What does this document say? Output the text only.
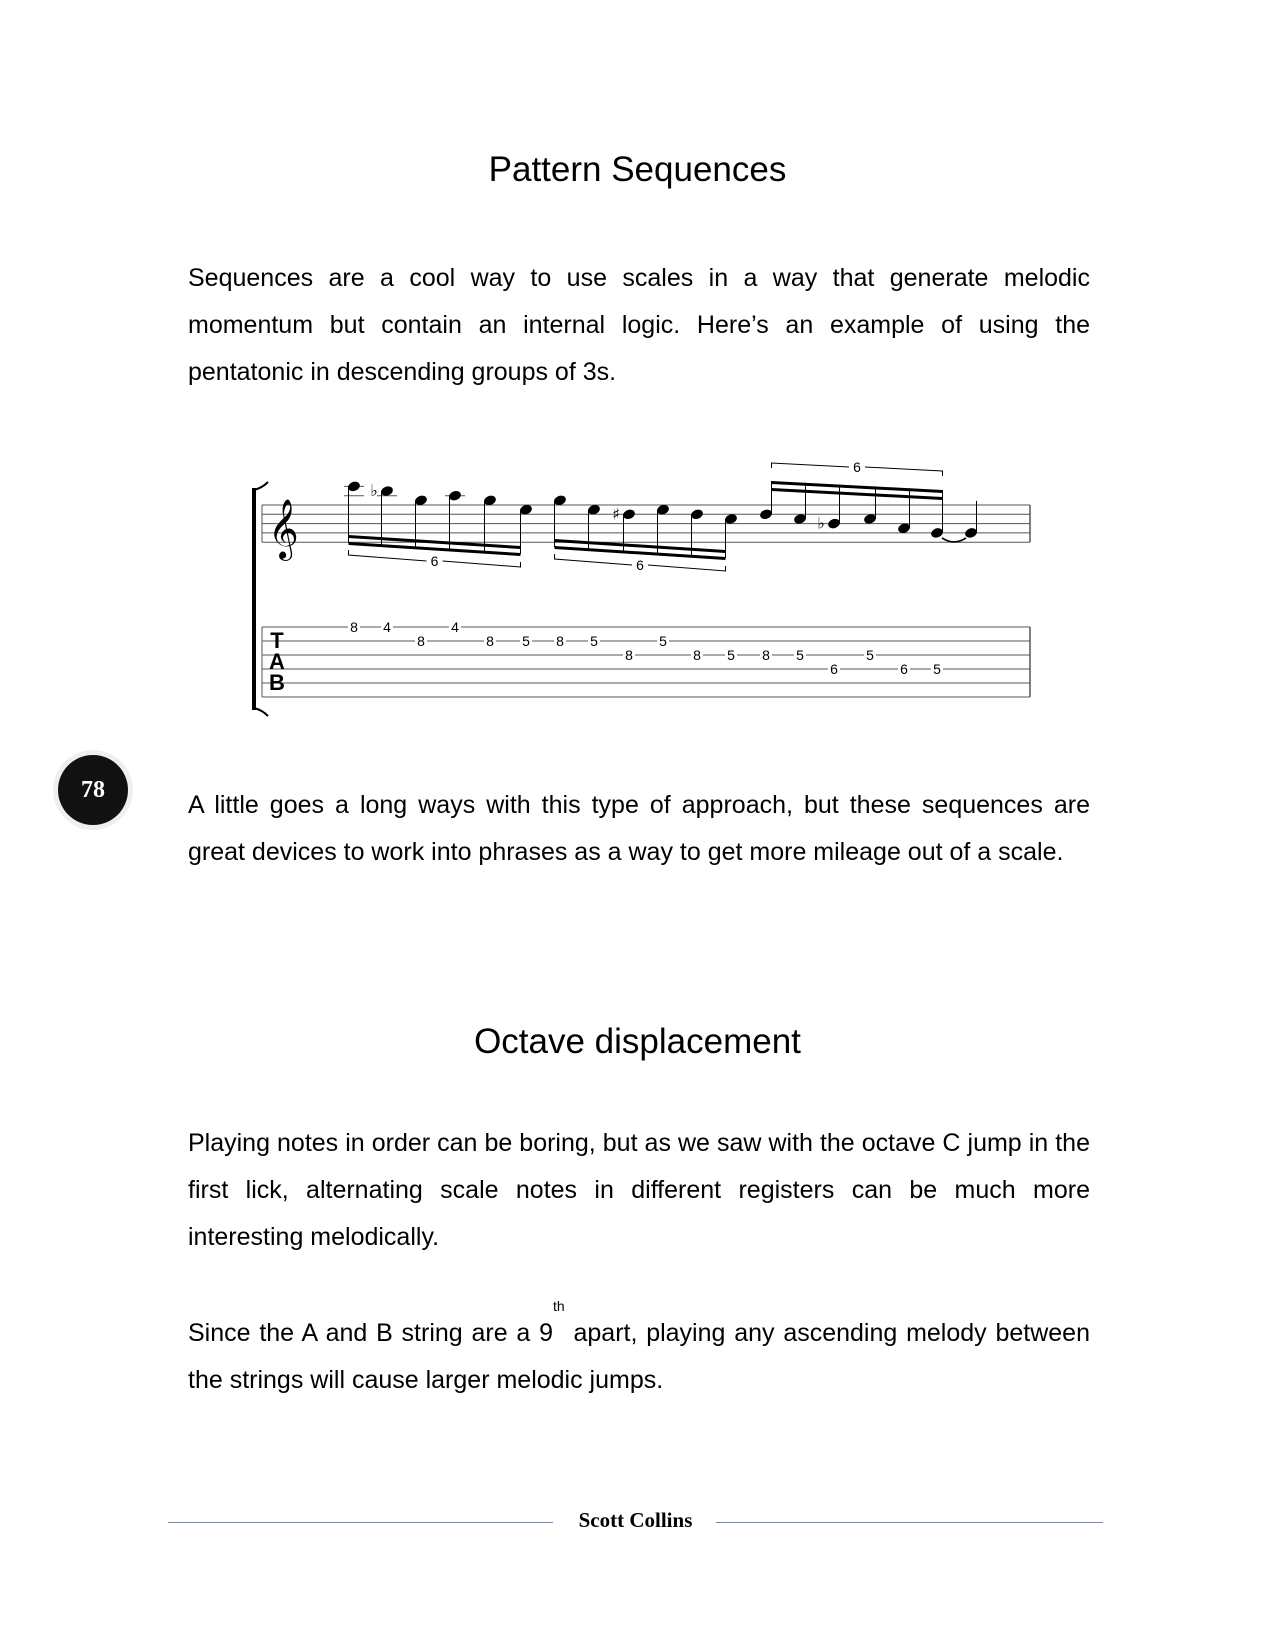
Pattern Sequences

Sequences are a cool way to use scales in a way that generate melodic momentum but contain an internal logic. Here’s an example of using the pentatonic in descending groups of 3s.

𝄞
T
A
B
8
♭
4
8
4
8 5 8 5
♯
8
5
8 5 8 5
♭
6
5
6 5
6	6
6
78

A little goes a long ways with this type of approach, but these sequences are great devices to work into phrases as a way to get more mileage out of a scale.

Octave displacement

Playing notes in order can be boring, but as we saw with the octave C jump in the first lick, alternating scale notes in different registers can be much more interesting melodically.

Since the A and B string are a 9th apart, playing any ascending melody between the strings will cause larger melodic jumps.

Scott Collins
